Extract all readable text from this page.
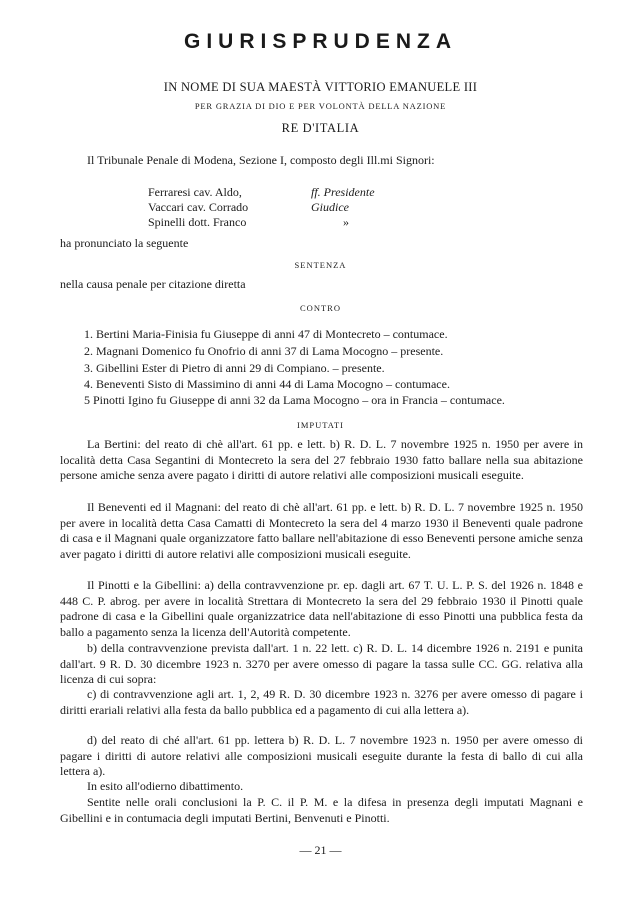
GIURISPRUDENZA
IN NOME DI SUA MAESTÀ VITTORIO EMANUELE III
PER GRAZIA DI DIO E PER VOLONTÀ DELLA NAZIONE
RE D'ITALIA
Il Tribunale Penale di Modena, Sezione I, composto degli Ill.mi Signori:
Ferraresi cav. Aldo,	ff. Presidente
Vaccari cav. Corrado	Giudice
Spinelli dott. Franco	»
ha pronunciato la seguente
SENTENZA
nella causa penale per citazione diretta
CONTRO
1. Bertini Maria-Finisia fu Giuseppe di anni 47 di Montecreto – contumace.
2. Magnani Domenico fu Onofrio di anni 37 di Lama Mocogno – presente.
3. Gibellini Ester di Pietro di anni 29 di Compiano. – presente.
4. Beneventi Sisto di Massimino di anni 44 di Lama Mocogno – contumace.
5 Pinotti Igino fu Giuseppe di anni 32 da Lama Mocogno – ora in Francia – contumace.
IMPUTATI
La Bertini: del reato di chè all'art. 61 pp. e lett. b) R. D. L. 7 novembre 1925 n. 1950 per avere in località detta Casa Segantini di Montecreto la sera del 27 febbraio 1930 fatto ballare nella sua abitazione persone amiche senza avere pagato i diritti di autore relativi alle composizioni musicali eseguite.
Il Beneventi ed il Magnani: del reato di chè all'art. 61 pp. e lett. b) R. D. L. 7 novembre 1925 n. 1950 per avere in località detta Casa Camatti di Montecreto la sera del 4 marzo 1930 il Beneventi quale padrone di casa e il Magnani quale organizzatore fatto ballare nell'abitazione di esso Beneventi persone amiche senza aver pagato i diritti di autore relativi alle composizioni musicali eseguite.
Il Pinotti e la Gibellini: a) della contravvenzione pr. ep. dagli art. 67 T. U. L. P. S. del 1926 n. 1848 e 448 C. P. abrog. per avere in località Strettara di Montecreto la sera del 29 febbraio 1930 il Pinotti quale padrone di casa e la Gibellini quale organizzatrice data nell'abitazione di esso Pinotti una pubblica festa da ballo a pagamento senza la licenza dell'Autorità competente.
b) della contravvenzione prevista dall'art. 1 n. 22 lett. c) R. D. L. 14 dicembre 1926 n. 2191 e punita dall'art. 9 R. D. 30 dicembre 1923 n. 3270 per avere omesso di pagare la tassa sulle CC. GG. relativa alla licenza di cui sopra:
c) di contravvenzione agli art. 1, 2, 49 R. D. 30 dicembre 1923 n. 3276 per avere omesso di pagare i diritti erariali relativi alla festa da ballo pubblica ed a pagamento di cui alla lettera a).
d) del reato di ché all'art. 61 pp. lettera b) R. D. L. 7 novembre 1923 n. 1950 per avere omesso di pagare i diritti di autore relativi alle composizioni musicali eseguite durante la festa di ballo di cui alla lettera a).
In esito all'odierno dibattimento.
Sentite nelle orali conclusioni la P. C. il P. M. e la difesa in presenza degli imputati Magnani e Gibellini e in contumacia degli imputati Bertini, Benvenuti e Pinotti.
— 21 —
